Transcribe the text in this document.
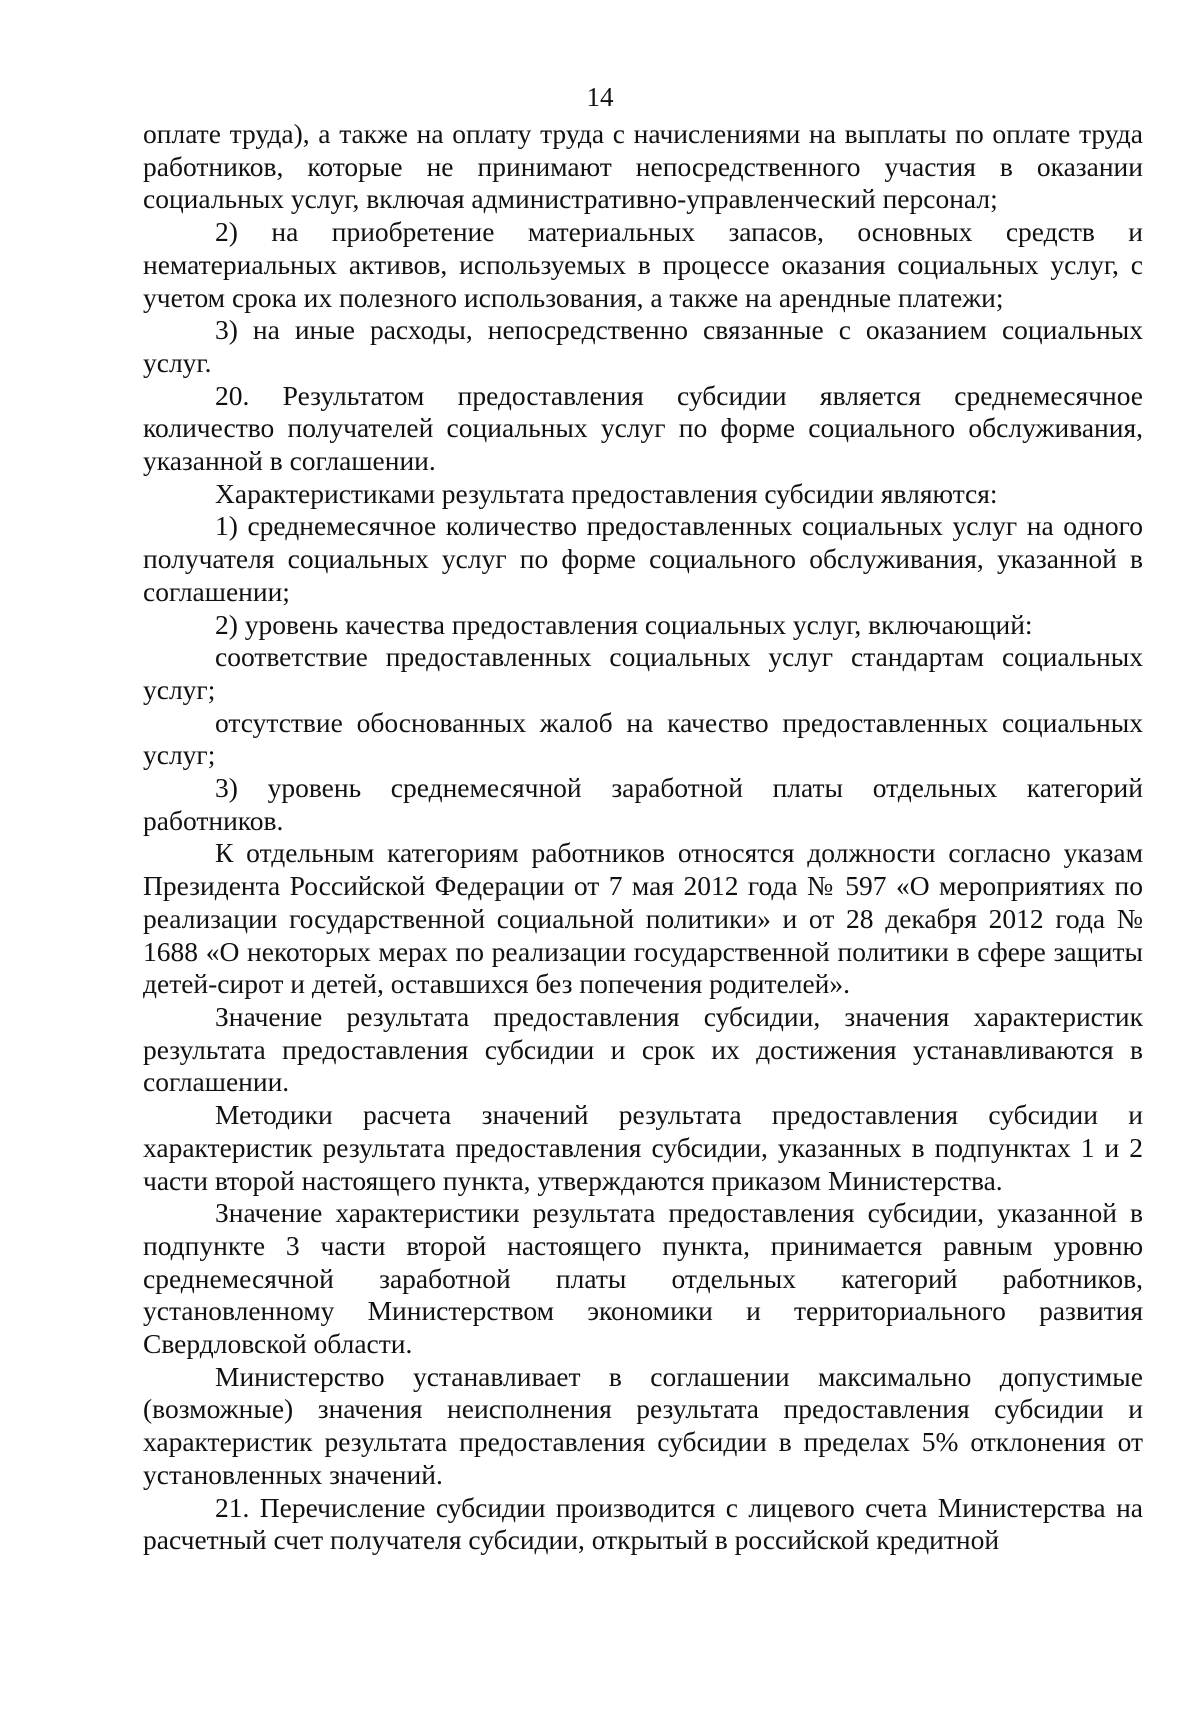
14

оплате труда), а также на оплату труда с начислениями на выплаты по оплате труда работников, которые не принимают непосредственного участия в оказании социальных услуг, включая административно-управленческий персонал;

2) на приобретение материальных запасов, основных средств и нематериальных активов, используемых в процессе оказания социальных услуг, с учетом срока их полезного использования, а также на арендные платежи;

3) на иные расходы, непосредственно связанные с оказанием социальных услуг.

20. Результатом предоставления субсидии является среднемесячное количество получателей социальных услуг по форме социального обслуживания, указанной в соглашении.

Характеристиками результата предоставления субсидии являются:

1) среднемесячное количество предоставленных социальных услуг на одного получателя социальных услуг по форме социального обслуживания, указанной в соглашении;

2) уровень качества предоставления социальных услуг, включающий:

соответствие предоставленных социальных услуг стандартам социальных услуг;

отсутствие обоснованных жалоб на качество предоставленных социальных услуг;

3) уровень среднемесячной заработной платы отдельных категорий работников.

К отдельным категориям работников относятся должности согласно указам Президента Российской Федерации от 7 мая 2012 года № 597 «О мероприятиях по реализации государственной социальной политики» и от 28 декабря 2012 года № 1688 «О некоторых мерах по реализации государственной политики в сфере защиты детей-сирот и детей, оставшихся без попечения родителей».

Значение результата предоставления субсидии, значения характеристик результата предоставления субсидии и срок их достижения устанавливаются в соглашении.

Методики расчета значений результата предоставления субсидии и характеристик результата предоставления субсидии, указанных в подпунктах 1 и 2 части второй настоящего пункта, утверждаются приказом Министерства.

Значение характеристики результата предоставления субсидии, указанной в подпункте 3 части второй настоящего пункта, принимается равным уровню среднемесячной заработной платы отдельных категорий работников, установленному Министерством экономики и территориального развития Свердловской области.

Министерство устанавливает в соглашении максимально допустимые (возможные) значения неисполнения результата предоставления субсидии и характеристик результата предоставления субсидии в пределах 5% отклонения от установленных значений.

21. Перечисление субсидии производится с лицевого счета Министерства на расчетный счет получателя субсидии, открытый в российской кредитной
